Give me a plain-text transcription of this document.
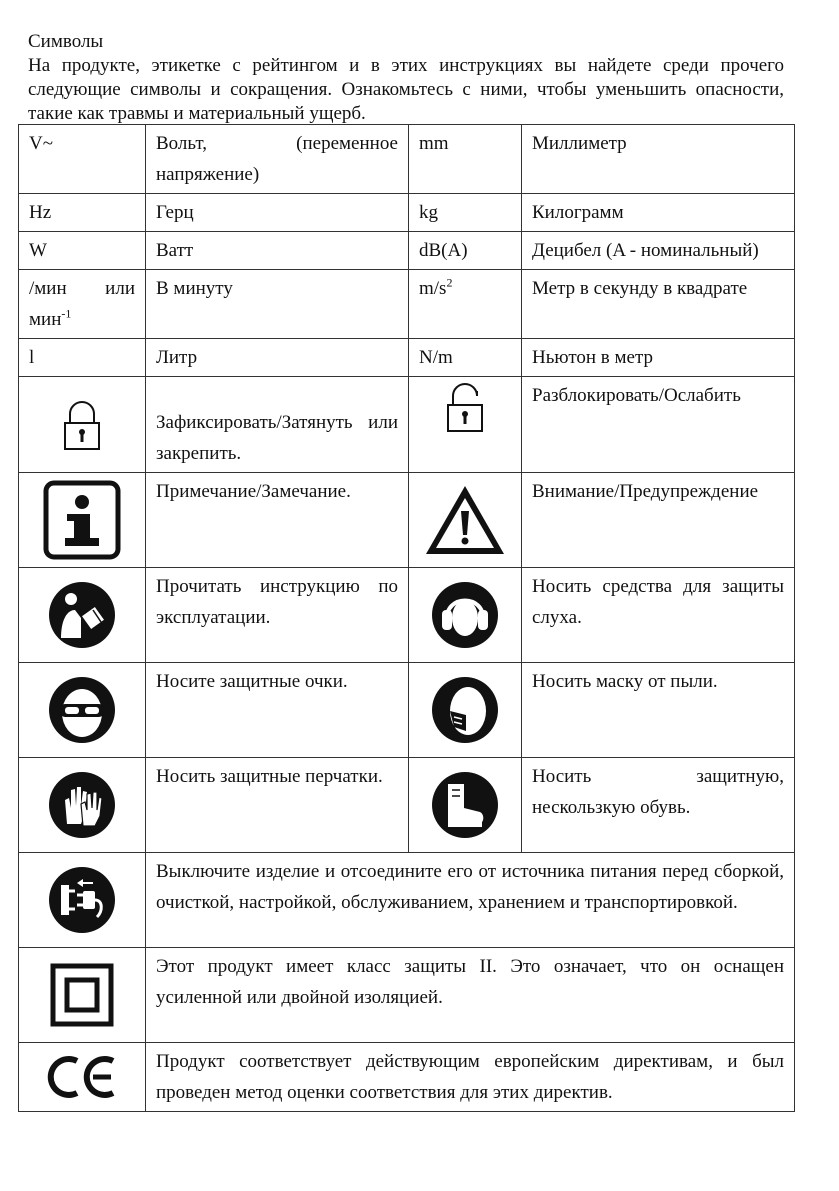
Символы
На продукте, этикетке с рейтингом и в этих инструкциях вы найдете среди прочего следующие символы и сокращения. Ознакомьтесь с ними, чтобы уменьшить опасности, такие как травмы и материальный ущерб.
V~	Вольт, (переменное напряжение)	mm	Миллиметр
Hz	Герц	kg	Килограмм
W	Ватт	dB(A)	Децибел (A - номинальный)
/мин или мин$^{-1}$	В минуту	$m/s^2$	Метр в секунду в квадрате
l	Литр	N/m	Ньютон в метр
	Зафиксировать/Затянуть или закрепить.		Разблокировать/Ослабить
	Примечание/Замечание.		Внимание/Предупреждение
	Прочитать инструкцию по эксплуатации.		Носить средства для защиты слуха.
	Носите защитные очки.		Носить маску от пыли.
	Носить защитные перчатки.		Носить защитную, нескользкую обувь.
	Выключите изделие и отсоедините его от источника питания перед сборкой, очисткой, настройкой, обслуживанием, хранением и транспортировкой.		
	Этот продукт имеет класс защиты II. Это означает, что он оснащен усиленной или двойной изоляцией.		
	Продукт соответствует действующим европейским директивам, и был проведен метод оценки соответствия для этих директив.		
